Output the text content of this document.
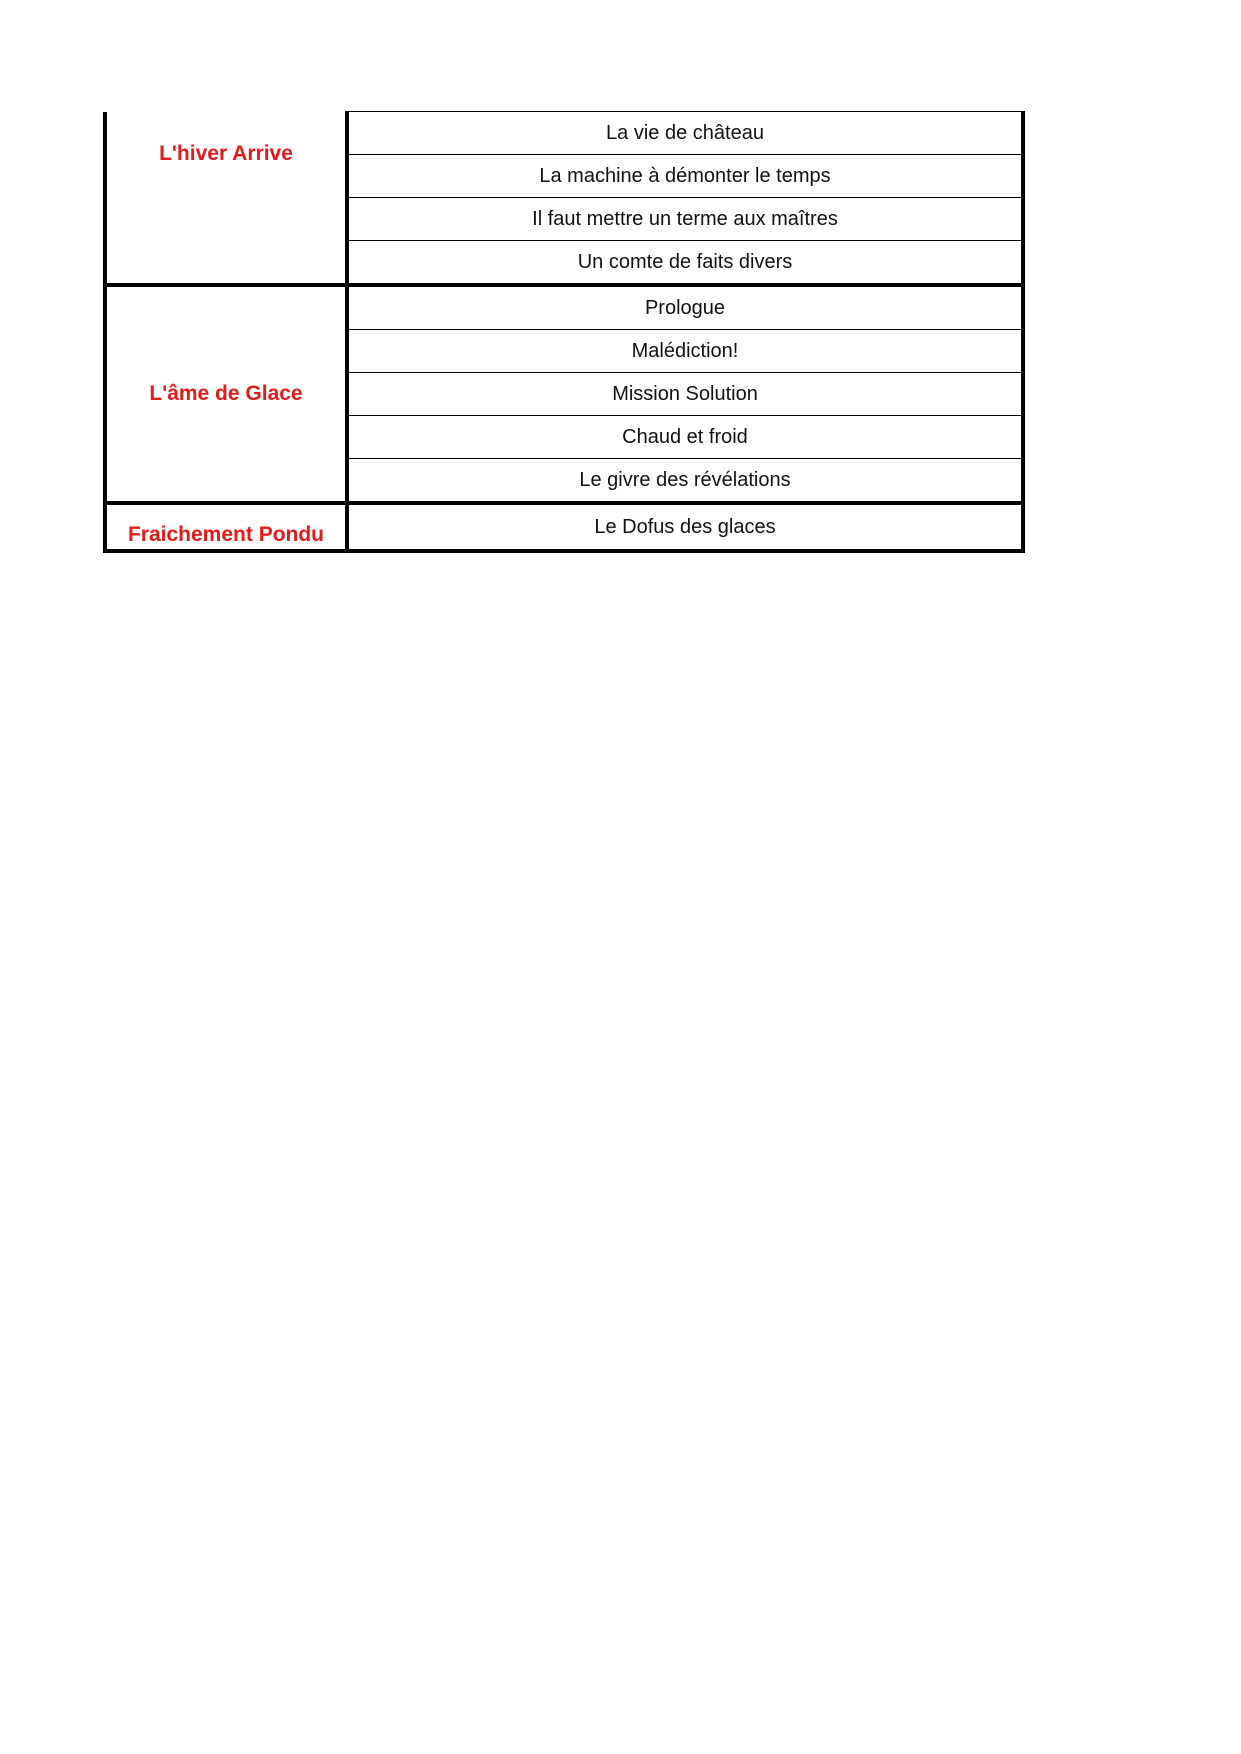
L'hiver Arrive	La vie de château
	La machine à démonter le temps
	Il faut mettre un terme aux maîtres
	Un comte de faits divers
L'âme de Glace	Prologue
	Malédiction!
	Mission Solution
	Chaud et froid
	Le givre des révélations
Fraichement Pondu	Le Dofus des glaces
